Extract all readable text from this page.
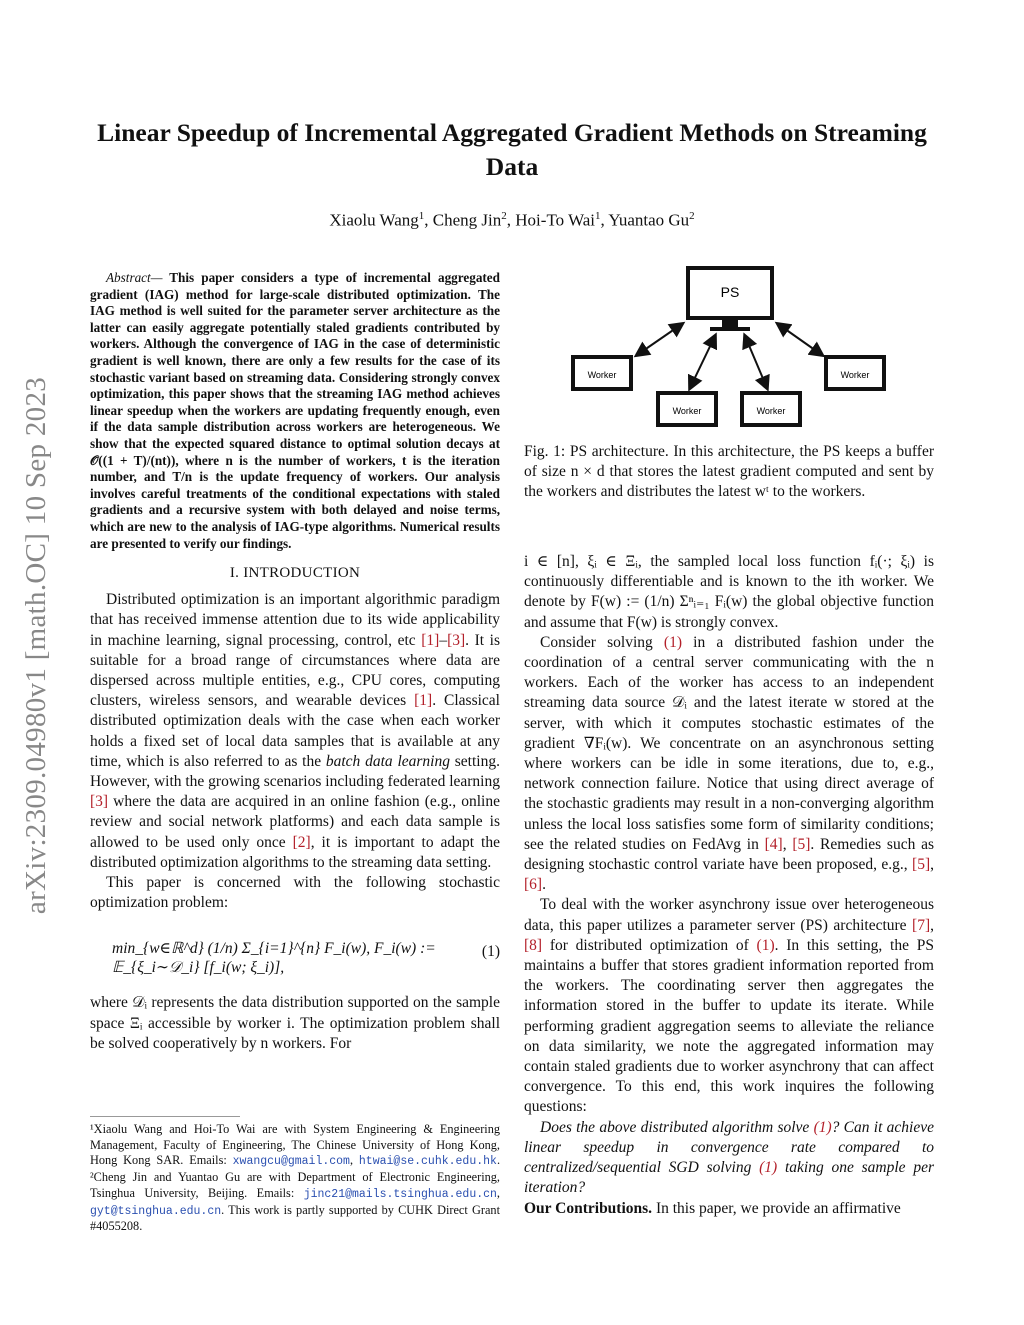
Linear Speedup of Incremental Aggregated Gradient Methods on Streaming Data
Xiaolu Wang$^1$, Cheng Jin$^2$, Hoi-To Wai$^1$, Yuantao Gu$^2$
arXiv:2309.04980v1 [math.OC] 10 Sep 2023

Abstract— This paper considers a type of incremental aggregated gradient (IAG) method for large-scale distributed optimization. The IAG method is well suited for the parameter server architecture as the latter can easily aggregate potentially staled gradients contributed by workers. Although the convergence of IAG in the case of deterministic gradient is well known, there are only a few results for the case of its stochastic variant based on streaming data. Considering strongly convex optimization, this paper shows that the streaming IAG method achieves linear speedup when the workers are updating frequently enough, even if the data sample distribution across workers are heterogeneous. We show that the expected squared distance to optimal solution decays at 𝒪((1 + T)/(nt)), where n is the number of workers, t is the iteration number, and T/n is the update frequency of workers. Our analysis involves careful treatments of the conditional expectations with staled gradients and a recursive system with both delayed and noise terms, which are new to the analysis of IAG-type algorithms. Numerical results are presented to verify our findings.

I. INTRODUCTION

Distributed optimization is an important algorithmic paradigm that has received immense attention due to its wide applicability in machine learning, signal processing, control, etc [1]–[3]. It is suitable for a broad range of circumstances where data are dispersed across multiple entities, e.g., CPU cores, computing clusters, wireless sensors, and wearable devices [1]. Classical distributed optimization deals with the case when each worker holds a fixed set of local data samples that is available at any time, which is also referred to as the batch data learning setting. However, with the growing scenarios including federated learning [3] where the data are acquired in an online fashion (e.g., online review and social network platforms) and each data sample is allowed to be used only once [2], it is important to adapt the distributed optimization algorithms to the streaming data setting.

This paper is concerned with the following stochastic optimization problem:

min_{w∈ℝ^d} (1/n) Σ_{i=1}^{n} F_i(w), F_i(w) := 𝔼_{ξ_i∼𝒟_i} [f_i(w; ξ_i)],
(1)

where 𝒟ᵢ represents the data distribution supported on the sample space Ξᵢ accessible by worker i. The optimization problem shall be solved cooperatively by n workers. For

¹Xiaolu Wang and Hoi-To Wai are with System Engineering & Engineering Management, Faculty of Engineering, The Chinese University of Hong Kong, Hong Kong SAR. Emails: xwangcu@gmail.com, htwai@se.cuhk.edu.hk. ²Cheng Jin and Yuantao Gu are with Department of Electronic Engineering, Tsinghua University, Beijing. Emails: jinc21@mails.tsinghua.edu.cn, gyt@tsinghua.edu.cn. This work is partly supported by CUHK Direct Grant #4055208.
PS
Worker
Worker	Worker
Worker
Fig. 1: PS architecture. In this architecture, the PS keeps a buffer of size n × d that stores the latest gradient computed and sent by the workers and distributes the latest wᵗ to the workers.

i ∈ [n], ξᵢ ∈ Ξᵢ, the sampled local loss function fᵢ(·; ξᵢ) is continuously differentiable and is known to the ith worker. We denote by F(w) := (1/n) Σⁿᵢ₌₁ Fᵢ(w) the global objective function and assume that F(w) is strongly convex.

Consider solving (1) in a distributed fashion under the coordination of a central server communicating with the n workers. Each of the worker has access to an independent streaming data source 𝒟ᵢ and the latest iterate w stored at the server, with which it computes stochastic estimates of the gradient ∇Fᵢ(w). We concentrate on an asynchronous setting where workers can be idle in some iterations, due to, e.g., network connection failure. Notice that using direct average of the stochastic gradients may result in a non-converging algorithm unless the local loss satisfies some form of similarity conditions; see the related studies on FedAvg in [4], [5]. Remedies such as designing stochastic control variate have been proposed, e.g., [5], [6].

To deal with the worker asynchrony issue over heterogeneous data, this paper utilizes a parameter server (PS) architecture [7], [8] for distributed optimization of (1). In this setting, the PS maintains a buffer that stores gradient information reported from the workers. The coordinating server then aggregates the information stored in the buffer to update its iterate. While performing gradient aggregation seems to alleviate the reliance on data similarity, we note the aggregated information may contain staled gradients due to worker asynchrony that can affect convergence. To this end, this work inquires the following questions:

Does the above distributed algorithm solve (1)? Can it achieve linear speedup in convergence rate compared to centralized/sequential SGD solving (1) taking one sample per iteration?

Our Contributions. In this paper, we provide an affirmative
